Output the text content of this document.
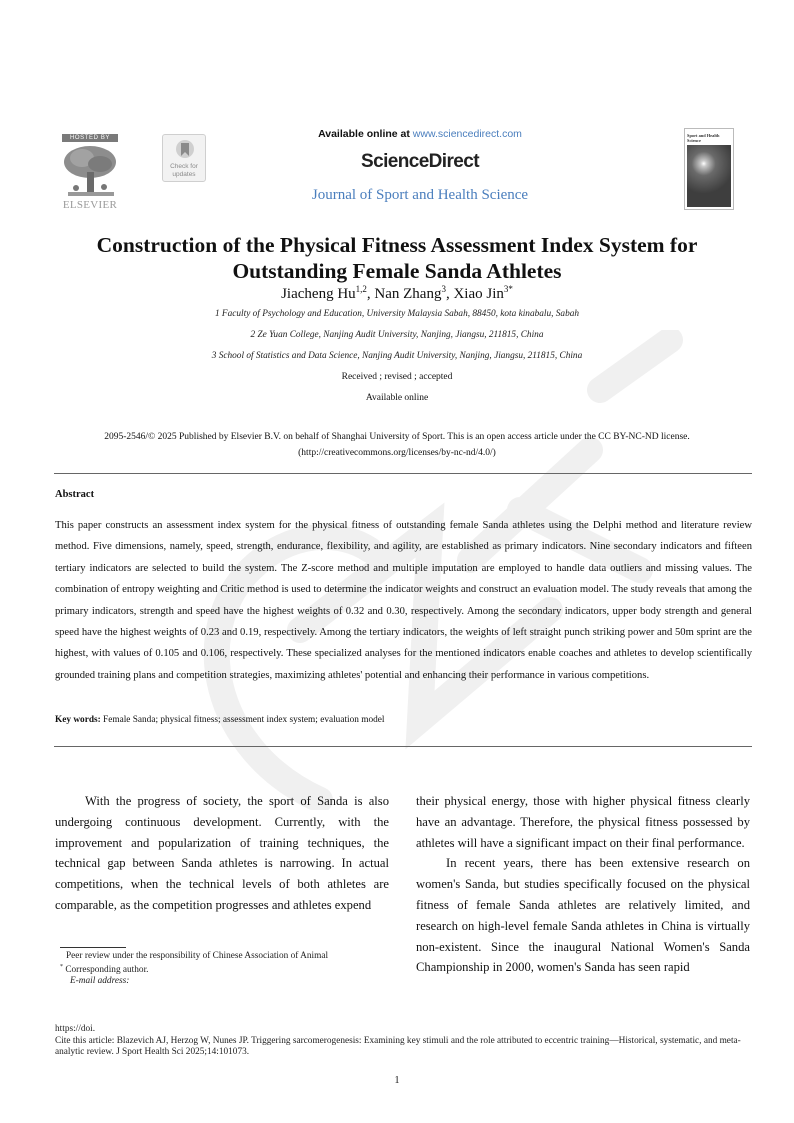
HOSTED BY
ELSEVIER
Check for
updates
Available online at www.sciencedirect.com
ScienceDirect
Journal of Sport and Health Science
Sport and Health Science
Construction of the Physical Fitness Assessment Index System for Outstanding Female Sanda Athletes
Jiacheng Hu$^{1,2}$, Nan Zhang$^3$, Xiao Jin$^{3*}$
1 Faculty of Psychology and Education, University Malaysia Sabah, 88450, kota kinabalu, Sabah
2 Ze Yuan College, Nanjing Audit University, Nanjing, Jiangsu, 211815, China
3 School of Statistics and Data Science, Nanjing Audit University, Nanjing, Jiangsu, 211815, China
Received ; revised ; accepted
Available online
2095-2546/© 2025 Published by Elsevier B.V. on behalf of Shanghai University of Sport. This is an open access article under the CC BY-NC-ND license.
(http://creativecommons.org/licenses/by-nc-nd/4.0/)
Abstract
This paper constructs an assessment index system for the physical fitness of outstanding female Sanda athletes using the Delphi method and literature review method. Five dimensions, namely, speed, strength, endurance, flexibility, and agility, are established as primary indicators. Nine secondary indicators and fifteen tertiary indicators are selected to build the system. The Z-score method and multiple imputation are employed to handle data outliers and missing values. The combination of entropy weighting and Critic method is used to determine the indicator weights and construct an evaluation model. The study reveals that among the primary indicators, strength and speed have the highest weights of 0.32 and 0.30, respectively. Among the secondary indicators, upper body strength and general speed have the highest weights of 0.23 and 0.19, respectively. Among the tertiary indicators, the weights of left straight punch striking power and 50m sprint are the highest, with values of 0.105 and 0.106, respectively. These specialized analyses for the mentioned indicators enable coaches and athletes to develop scientifically grounded training plans and competition strategies, maximizing athletes' potential and enhancing their performance in various competitions.
Key words: Female Sanda; physical fitness; assessment index system; evaluation model

With the progress of society, the sport of Sanda is also undergoing continuous development. Currently, with the improvement and popularization of training techniques, the technical gap between Sanda athletes is narrowing. In actual competitions, when the technical levels of both athletes are comparable, as the competition progresses and athletes expend

their physical energy, those with higher physical fitness clearly have an advantage. Therefore, the physical fitness possessed by athletes will have a significant impact on their final performance.

In recent years, there has been extensive research on women's Sanda, but studies specifically focused on the physical fitness of female Sanda athletes are relatively limited, and research on high-level female Sanda athletes in China is virtually non-existent. Since the inaugural National Women's Sanda Championship in 2000, women's Sanda has seen rapid

Peer review under the responsibility of Chinese Association of Animal
* Corresponding author.
E-mail address:
https://doi.
Cite this article: Blazevich AJ, Herzog W, Nunes JP. Triggering sarcomerogenesis: Examining key stimuli and the role attributed to eccentric training—Historical, systematic, and meta-analytic review. J Sport Health Sci 2025;14:101073.
1
